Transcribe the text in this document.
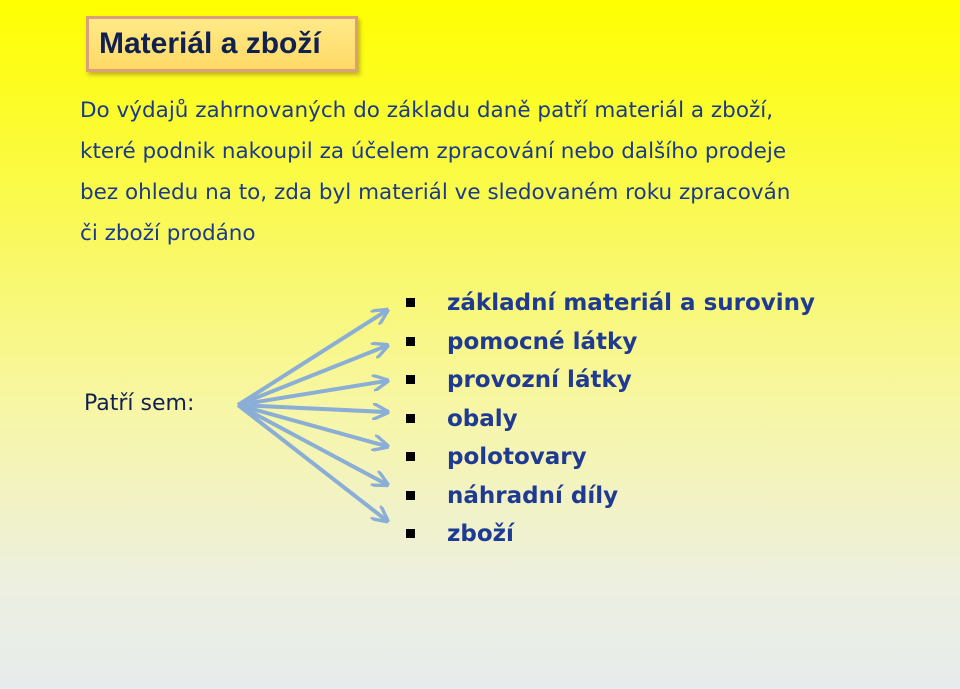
Materiál a zboží

Do výdajů zahrnovaných do základu daně patří materiál a zboží,
které podnik nakoupil za účelem zpracování nebo dalšího prodeje
bez ohledu na to, zda byl materiál ve sledovaném roku zpracován
či zboží prodáno

Patří sem:
základní materiál a suroviny
pomocné látky
provozní látky
obaly
polotovary
náhradní díly
zboží
